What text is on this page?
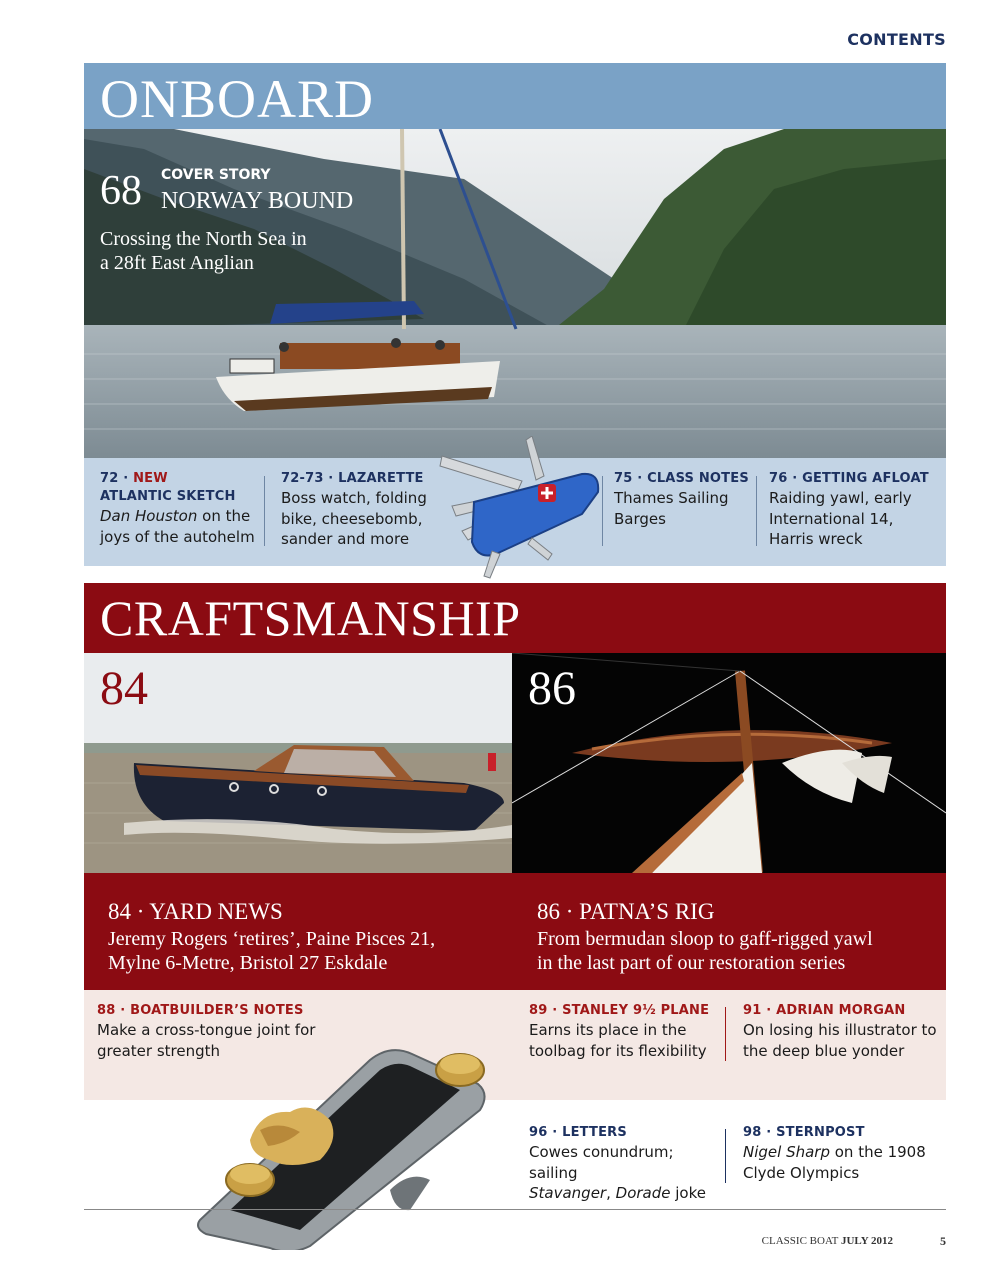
CONTENTS
ONBOARD
68 COVER STORY
NORWAY BOUND
Crossing the North Sea in
a 28ft East Anglian
72 · NEW
ATLANTIC SKETCH
Dan Houston on the
joys of the autohelm
72-73 · LAZARETTE
Boss watch, folding
bike, cheesebomb,
sander and more
75 · CLASS NOTES
Thames Sailing
Barges
76 · GETTING AFLOAT
Raiding yawl, early
International 14,
Harris wreck
CRAFTSMANSHIP
84	86
84 · YARD NEWS
Jeremy Rogers ‘retires’, Paine Pisces 21,
Mylne 6-Metre, Bristol 27 Eskdale
86 · PATNA’S RIG
From bermudan sloop to gaff-rigged yawl
in the last part of our restoration series
88 · BOATBUILDER’S NOTES
Make a cross-tongue joint for
greater strength
89 · STANLEY 9½ PLANE
Earns its place in the
toolbag for its flexibility
91 · ADRIAN MORGAN
On losing his illustrator to
the deep blue yonder
96 · LETTERS
Cowes conundrum; sailing
Stavanger, Dorade joke
98 · STERNPOST
Nigel Sharp on the 1908
Clyde Olympics
CLASSIC BOAT JULY 2012	5
